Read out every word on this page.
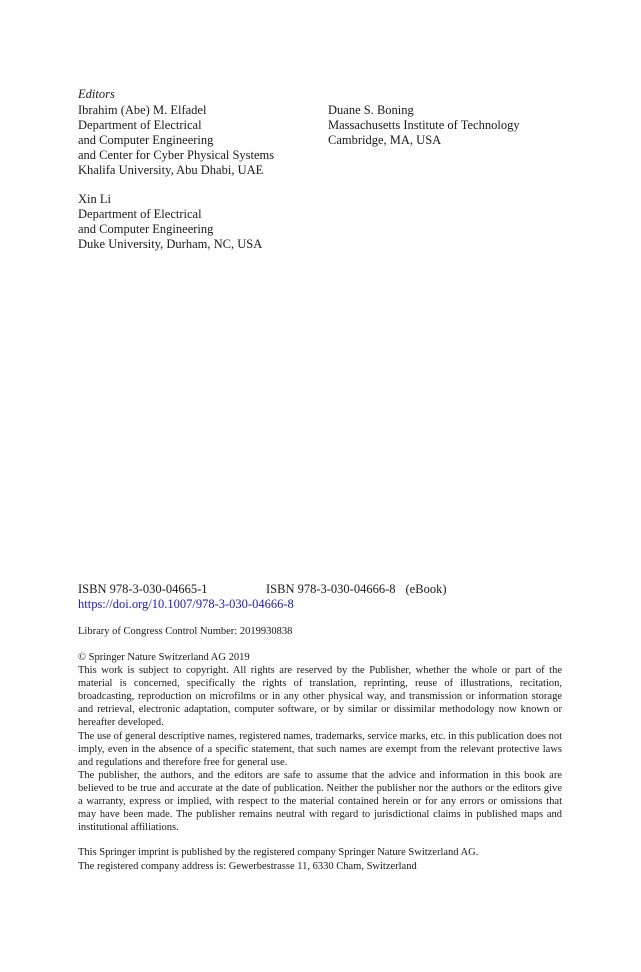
Editors
Ibrahim (Abe) M. Elfadel
Department of Electrical
and Computer Engineering
and Center for Cyber Physical Systems
Khalifa University, Abu Dhabi, UAE
Duane S. Boning
Massachusetts Institute of Technology
Cambridge, MA, USA
Xin Li
Department of Electrical
and Computer Engineering
Duke University, Durham, NC, USA
ISBN 978-3-030-04665-1	ISBN 978-3-030-04666-8 (eBook)
https://doi.org/10.1007/978-3-030-04666-8
Library of Congress Control Number: 2019930838

© Springer Nature Switzerland AG 2019

This work is subject to copyright. All rights are reserved by the Publisher, whether the whole or part of the material is concerned, specifically the rights of translation, reprinting, reuse of illustrations, recitation, broadcasting, reproduction on microfilms or in any other physical way, and transmission or information storage and retrieval, electronic adaptation, computer software, or by similar or dissimilar methodology now known or hereafter developed.

The use of general descriptive names, registered names, trademarks, service marks, etc. in this publication does not imply, even in the absence of a specific statement, that such names are exempt from the relevant protective laws and regulations and therefore free for general use.

The publisher, the authors, and the editors are safe to assume that the advice and information in this book are believed to be true and accurate at the date of publication. Neither the publisher nor the authors or the editors give a warranty, express or implied, with respect to the material contained herein or for any errors or omissions that may have been made. The publisher remains neutral with regard to jurisdictional claims in published maps and institutional affiliations.

This Springer imprint is published by the registered company Springer Nature Switzerland AG.
The registered company address is: Gewerbestrasse 11, 6330 Cham, Switzerland
